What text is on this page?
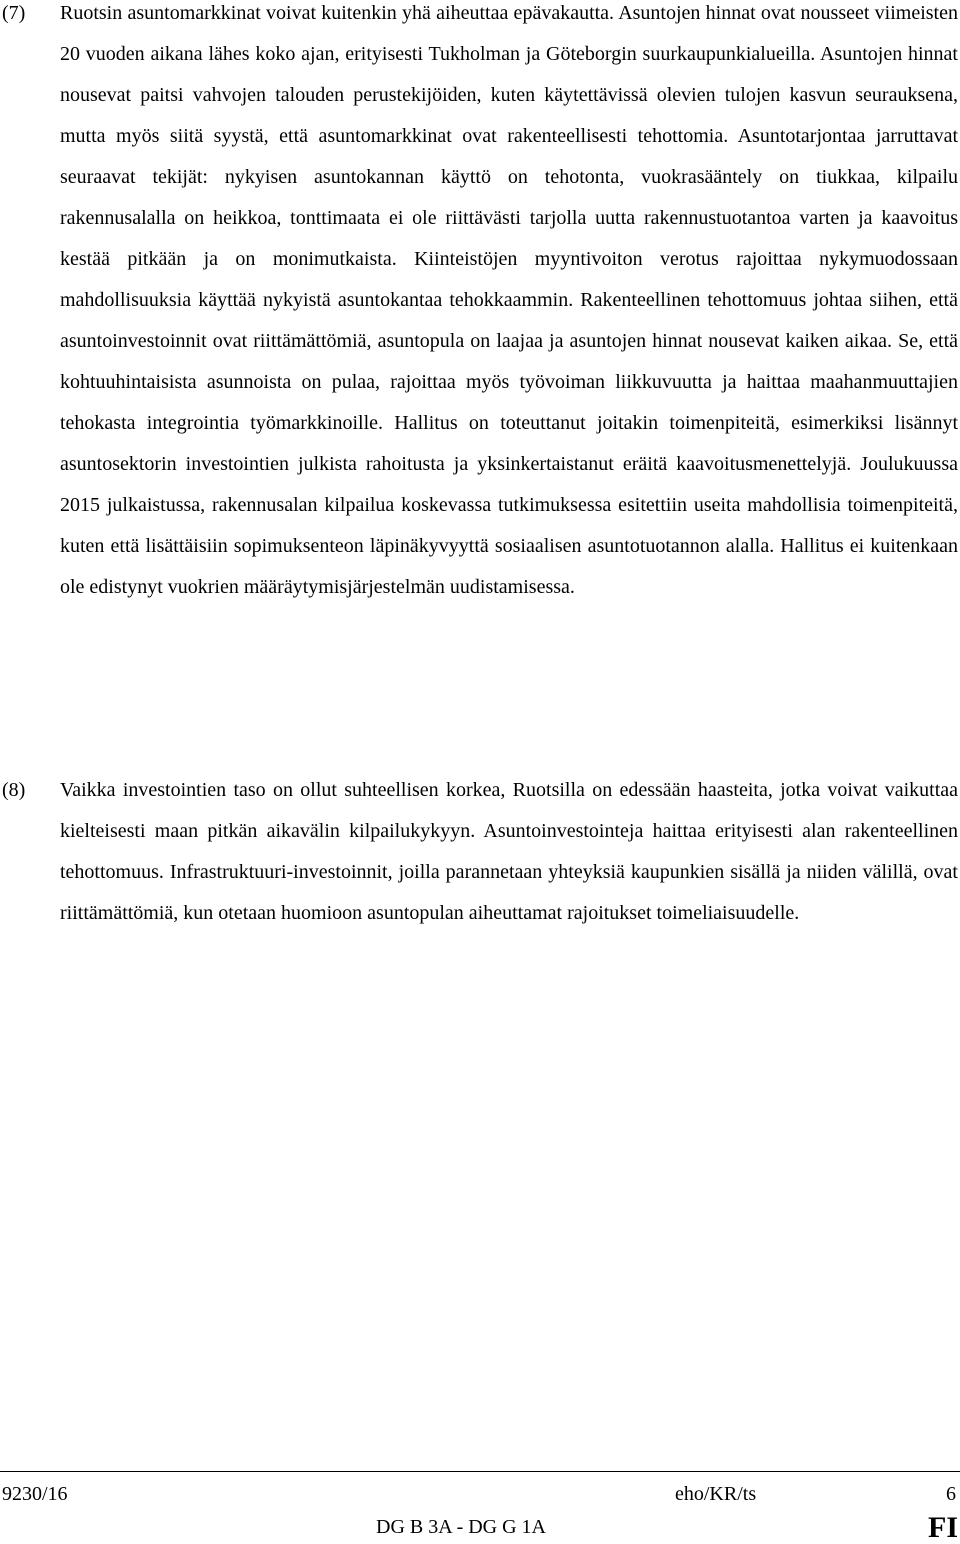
(7) Ruotsin asuntomarkkinat voivat kuitenkin yhä aiheuttaa epävakautta. Asuntojen hinnat ovat nousseet viimeisten 20 vuoden aikana lähes koko ajan, erityisesti Tukholman ja Göteborgin suurkaupunkialueilla. Asuntojen hinnat nousevat paitsi vahvojen talouden perustekijöiden, kuten käytettävissä olevien tulojen kasvun seurauksena, mutta myös siitä syystä, että asuntomarkkinat ovat rakenteellisesti tehottomia. Asuntotarjontaa jarruttavat seuraavat tekijät: nykyisen asuntokannan käyttö on tehotonta, vuokrasääntely on tiukkaa, kilpailu rakennusalalla on heikkoa, tonttimaata ei ole riittävästi tarjolla uutta rakennustuotantoa varten ja kaavoitus kestää pitkään ja on monimutkaista. Kiinteistöjen myyntivoiton verotus rajoittaa nykymuodossaan mahdollisuuksia käyttää nykyistä asuntokantaa tehokkaammin. Rakenteellinen tehottomuus johtaa siihen, että asuntoinvestoinnit ovat riittämättömiä, asuntopula on laajaa ja asuntojen hinnat nousevat kaiken aikaa. Se, että kohtuuhintaisista asunnoista on pulaa, rajoittaa myös työvoiman liikkuvuutta ja haittaa maahanmuuttajien tehokasta integrointia työmarkkinoille. Hallitus on toteuttanut joitakin toimenpiteitä, esimerkiksi lisännyt asuntosektorin investointien julkista rahoitusta ja yksinkertaistanut eräitä kaavoitusmenettelyjä. Joulukuussa 2015 julkaistussa, rakennusalan kilpailua koskevassa tutkimuksessa esitettiin useita mahdollisia toimenpiteitä, kuten että lisättäisiin sopimuksenteon läpinäkyvyyttä sosiaalisen asuntotuotannon alalla. Hallitus ei kuitenkaan ole edistynyt vuokrien määräytymisjärjestelmän uudistamisessa.

(8) Vaikka investointien taso on ollut suhteellisen korkea, Ruotsilla on edessään haasteita, jotka voivat vaikuttaa kielteisesti maan pitkän aikavälin kilpailukykyyn. Asuntoinvestointeja haittaa erityisesti alan rakenteellinen tehottomuus. Infrastruktuuri-investoinnit, joilla parannetaan yhteyksiä kaupunkien sisällä ja niiden välillä, ovat riittämättömiä, kun otetaan huomioon asuntopulan aiheuttamat rajoitukset toimeliaisuudelle.

9230/16	eho/KR/ts	6
DG B 3A - DG G 1A	FI
